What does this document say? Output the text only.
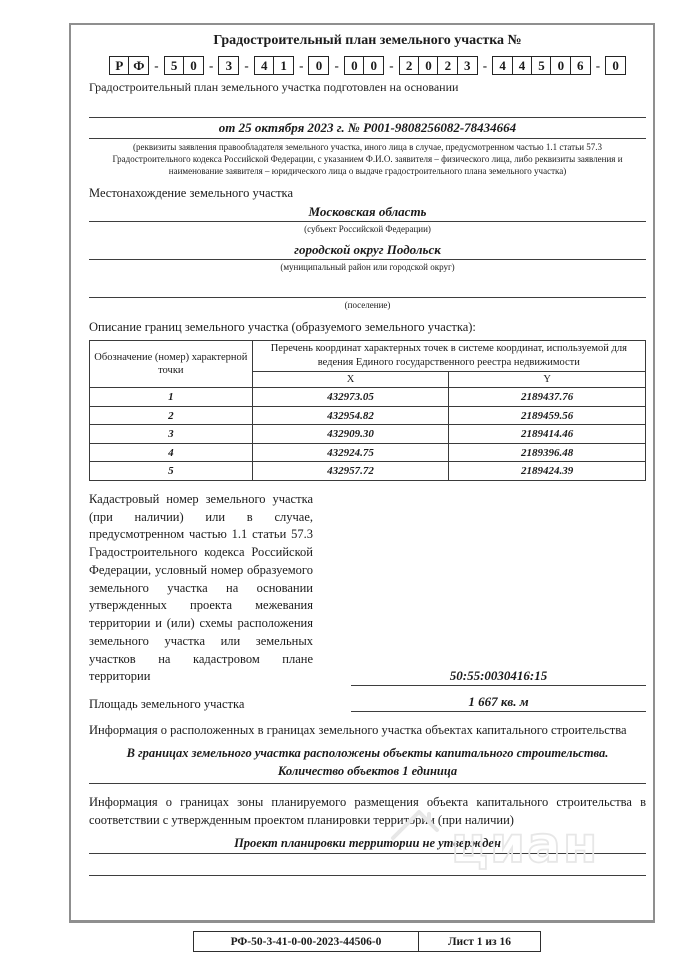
Градостроительный план земельного участка №
Р Ф - 5 0 - 3 - 4 1 - 0 - 0 0 - 2 0 2 3 - 4 4 5 0 6 - 0
Градостроительный план земельного участка подготовлен на основании
от 25 октября 2023 г. № Р001-9808256082-78434664
(реквизиты заявления правообладателя земельного участка, иного лица в случае, предусмотренном частью 1.1 статьи 57.3 Градостроительного кодекса Российской Федерации, с указанием Ф.И.О. заявителя – физического лица, либо реквизиты заявления и наименование заявителя – юридического лица о выдаче градостроительного плана земельного участка)
Местонахождение земельного участка
Московская область
(субъект Российской Федерации)
городской округ Подольск
(муниципальный район или городской округ)
(поселение)
Описание границ земельного участка (образуемого земельного участка):
Обозначение (номер) характерной точки	Перечень координат характерных точек в системе координат, используемой для ведения Единого государственного реестра недвижимости	
	X	Y
1	432973.05	2189437.76
2	432954.82	2189459.56
3	432909.30	2189414.46
4	432924.75	2189396.48
5	432957.72	2189424.39
Кадастровый номер земельного участка (при наличии) или в случае, предусмотренном частью 1.1 статьи 57.3 Градостроительного кодекса Российской Федерации, условный номер образуемого земельного участка на основании утвержденных проекта межевания территории и (или) схемы расположения земельного участка или земельных участков на кадастровом плане территории	50:55:0030416:15
Площадь земельного участка	1 667 кв. м
Информация о расположенных в границах земельного участка объектах капитального строительства
В границах земельного участка расположены объекты капитального строительства.
Количество объектов 1 единица
Информация о границах зоны планируемого размещения объекта капитального строительства в соответствии с утвержденным проектом планировки территории (при наличии)
Проект планировки территории не утвержден
циан
РФ-50-3-41-0-00-2023-44506-0	Лист 1 из 16
